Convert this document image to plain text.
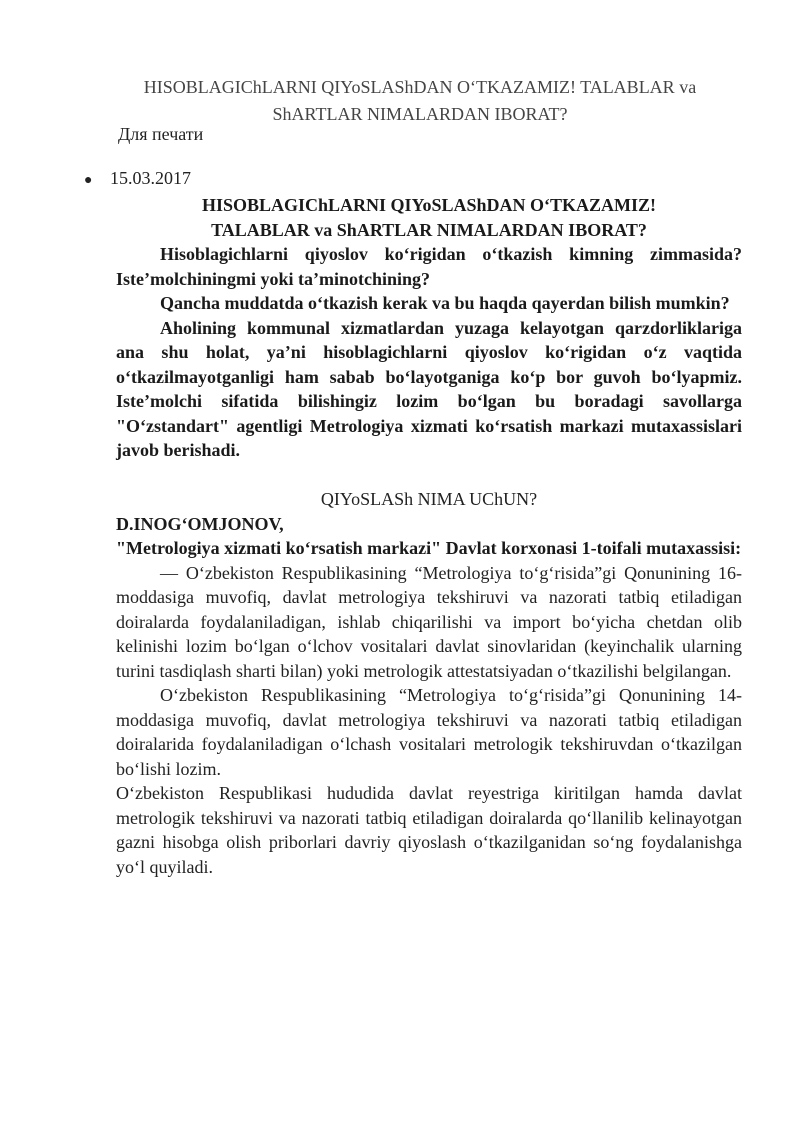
HISOBLAGIChLARNI QIYoSLAShDAN O‘TKAZAMIZ! TALABLAR va
ShARTLAR NIMALARDAN IBORAT?
Для печати
● 15.03.2017

HISOBLAGIChLARNI QIYoSLAShDAN O‘TKAZAMIZ!

TALABLAR va ShARTLAR NIMALARDAN IBORAT?

Hisoblagichlarni qiyoslov ko‘rigidan o‘tkazish kimning zimmasida? Iste’molchiningmi yoki ta’minotchining?

Qancha muddatda o‘tkazish kerak va bu haqda qayerdan bilish mumkin?

Aholining kommunal xizmatlardan yuzaga kelayotgan qarzdorliklariga ana shu holat, ya’ni hisoblagichlarni qiyoslov ko‘rigidan o‘z vaqtida o‘tkazilmayotganligi ham sabab bo‘layotganiga ko‘p bor guvoh bo‘lyapmiz. Iste’molchi sifatida bilishingiz lozim bo‘lgan bu boradagi savollarga "O‘zstandart" agentligi Metrologiya xizmati ko‘rsatish markazi mutaxassislari javob berishadi.

QIYoSLASh NIMA UChUN?

D.INOG‘OMJONOV,

"Metrologiya xizmati ko‘rsatish markazi" Davlat korxonasi 1-toifali mutaxassisi:

— O‘zbekiston Respublikasining “Metrologiya to‘g‘risida”gi Qonunining 16-moddasiga muvofiq, davlat metrologiya tekshiruvi va nazorati tatbiq etiladigan doiralarda foydalaniladigan, ishlab chiqarilishi va import bo‘yicha chetdan olib kelinishi lozim bo‘lgan o‘lchov vositalari davlat sinovlaridan (keyinchalik ularning turini tasdiqlash sharti bilan) yoki metrologik attestatsiyadan o‘tkazilishi belgilangan.

O‘zbekiston Respublikasining “Metrologiya to‘g‘risida”gi Qonunining 14-moddasiga muvofiq, davlat metrologiya tekshiruvi va nazorati tatbiq etiladigan doiralarida foydalaniladigan o‘lchash vositalari metrologik tekshiruvdan o‘tkazilgan bo‘lishi lozim.

O‘zbekiston Respublikasi hududida davlat reyestriga kiritilgan hamda davlat metrologik tekshiruvi va nazorati tatbiq etiladigan doiralarda qo‘llanilib kelinayotgan gazni hisobga olish priborlari davriy qiyoslash o‘tkazilganidan so‘ng foydalanishga yo‘l quyiladi.
